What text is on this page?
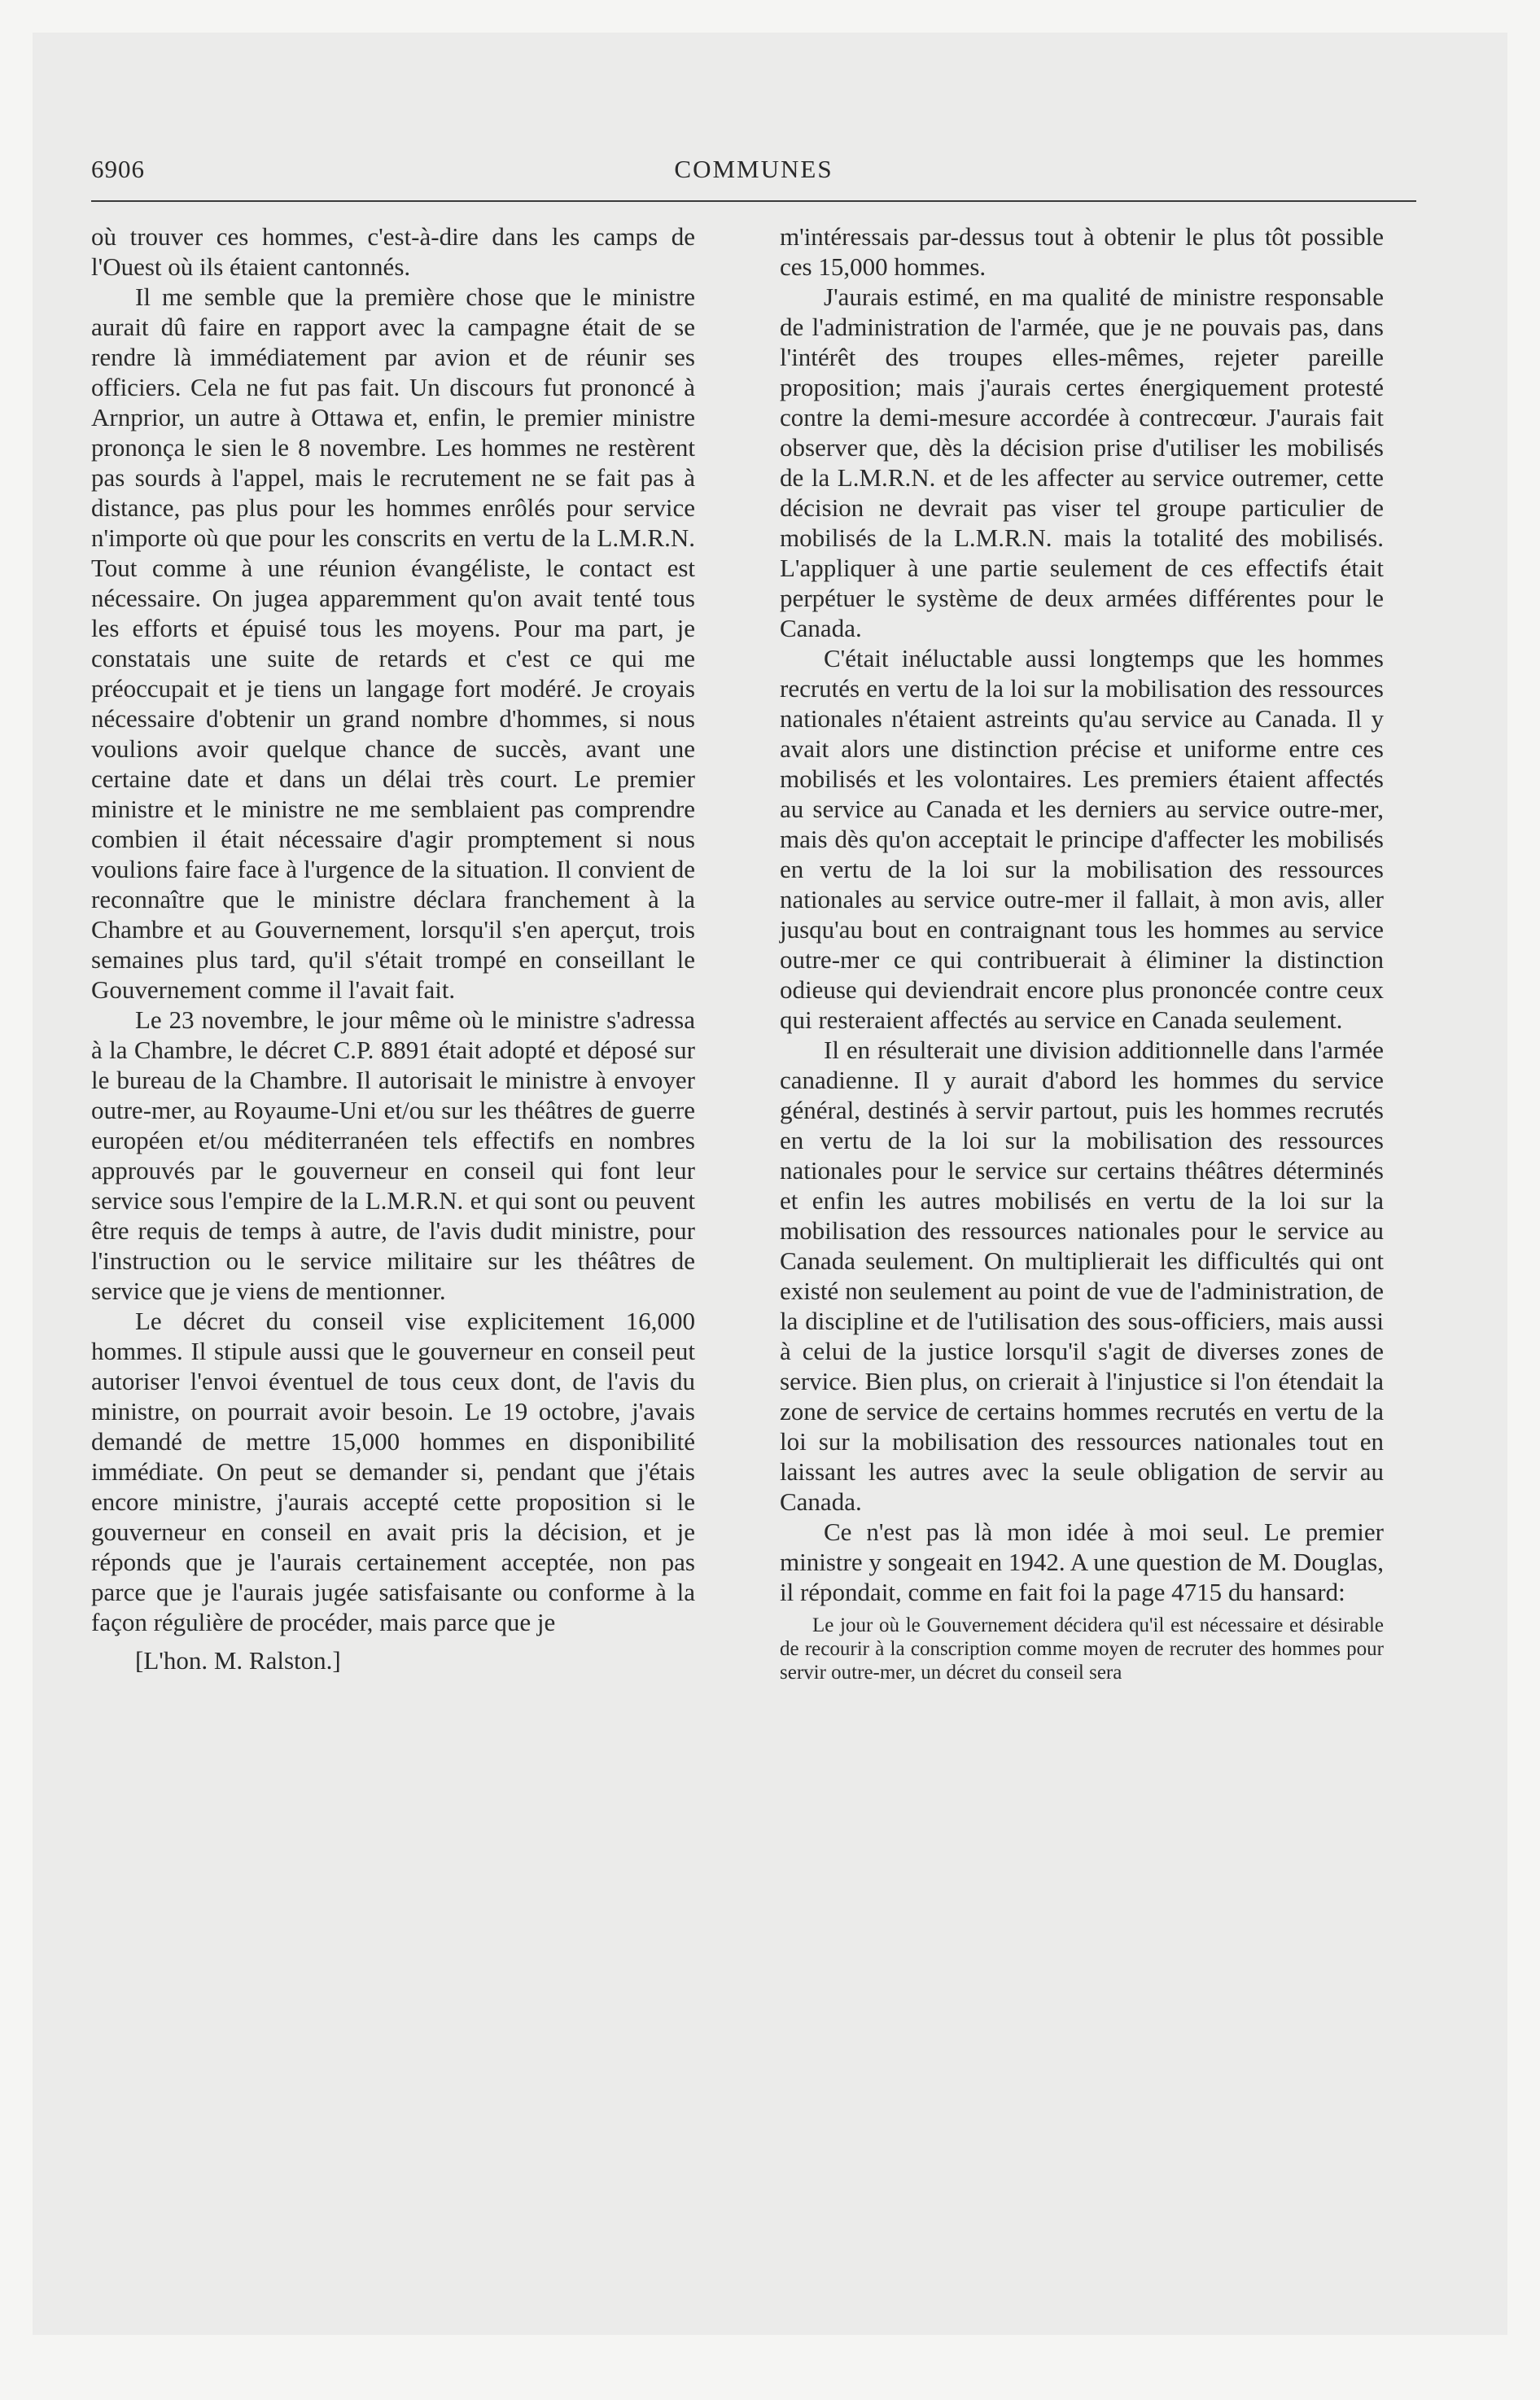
6906	COMMUNES

où trouver ces hommes, c'est-à-dire dans les camps de l'Ouest où ils étaient cantonnés.

Il me semble que la première chose que le ministre aurait dû faire en rapport avec la campagne était de se rendre là immédiatement par avion et de réunir ses officiers. Cela ne fut pas fait. Un discours fut prononcé à Arnprior, un autre à Ottawa et, enfin, le premier ministre prononça le sien le 8 novembre. Les hommes ne restèrent pas sourds à l'appel, mais le recrutement ne se fait pas à distance, pas plus pour les hommes enrôlés pour service n'importe où que pour les conscrits en vertu de la L.M.R.N. Tout comme à une réunion évangéliste, le contact est nécessaire. On jugea apparemment qu'on avait tenté tous les efforts et épuisé tous les moyens. Pour ma part, je constatais une suite de retards et c'est ce qui me préoccupait et je tiens un langage fort modéré. Je croyais nécessaire d'obtenir un grand nombre d'hommes, si nous voulions avoir quelque chance de succès, avant une certaine date et dans un délai très court. Le premier ministre et le ministre ne me semblaient pas comprendre combien il était nécessaire d'agir promptement si nous voulions faire face à l'urgence de la situation. Il convient de reconnaître que le ministre déclara franchement à la Chambre et au Gouvernement, lorsqu'il s'en aperçut, trois semaines plus tard, qu'il s'était trompé en conseillant le Gouvernement comme il l'avait fait.

Le 23 novembre, le jour même où le ministre s'adressa à la Chambre, le décret C.P. 8891 était adopté et déposé sur le bureau de la Chambre. Il autorisait le ministre à envoyer outre-mer, au Royaume-Uni et/ou sur les théâtres de guerre européen et/ou méditerranéen tels effectifs en nombres approuvés par le gouverneur en conseil qui font leur service sous l'empire de la L.M.R.N. et qui sont ou peuvent être requis de temps à autre, de l'avis dudit ministre, pour l'instruction ou le service militaire sur les théâtres de service que je viens de mentionner.

Le décret du conseil vise explicitement 16,000 hommes. Il stipule aussi que le gouverneur en conseil peut autoriser l'envoi éventuel de tous ceux dont, de l'avis du ministre, on pourrait avoir besoin. Le 19 octobre, j'avais demandé de mettre 15,000 hommes en disponibilité immédiate. On peut se demander si, pendant que j'étais encore ministre, j'aurais accepté cette proposition si le gouverneur en conseil en avait pris la décision, et je réponds que je l'aurais certainement acceptée, non pas parce que je l'aurais jugée satisfaisante ou conforme à la façon régulière de procéder, mais parce que je

[L'hon. M. Ralston.]

m'intéressais par-dessus tout à obtenir le plus tôt possible ces 15,000 hommes.

J'aurais estimé, en ma qualité de ministre responsable de l'administration de l'armée, que je ne pouvais pas, dans l'intérêt des troupes elles-mêmes, rejeter pareille proposition; mais j'aurais certes énergiquement protesté contre la demi-mesure accordée à contrecœur. J'aurais fait observer que, dès la décision prise d'utiliser les mobilisés de la L.M.R.N. et de les affecter au service outremer, cette décision ne devrait pas viser tel groupe particulier de mobilisés de la L.M.R.N. mais la totalité des mobilisés. L'appliquer à une partie seulement de ces effectifs était perpétuer le système de deux armées différentes pour le Canada.

C'était inéluctable aussi longtemps que les hommes recrutés en vertu de la loi sur la mobilisation des ressources nationales n'étaient astreints qu'au service au Canada. Il y avait alors une distinction précise et uniforme entre ces mobilisés et les volontaires. Les premiers étaient affectés au service au Canada et les derniers au service outre-mer, mais dès qu'on acceptait le principe d'affecter les mobilisés en vertu de la loi sur la mobilisation des ressources nationales au service outre-mer il fallait, à mon avis, aller jusqu'au bout en contraignant tous les hommes au service outre-mer ce qui contribuerait à éliminer la distinction odieuse qui deviendrait encore plus prononcée contre ceux qui resteraient affectés au service en Canada seulement.

Il en résulterait une division additionnelle dans l'armée canadienne. Il y aurait d'abord les hommes du service général, destinés à servir partout, puis les hommes recrutés en vertu de la loi sur la mobilisation des ressources nationales pour le service sur certains théâtres déterminés et enfin les autres mobilisés en vertu de la loi sur la mobilisation des ressources nationales pour le service au Canada seulement. On multiplierait les difficultés qui ont existé non seulement au point de vue de l'administration, de la discipline et de l'utilisation des sous-officiers, mais aussi à celui de la justice lorsqu'il s'agit de diverses zones de service. Bien plus, on crierait à l'injustice si l'on étendait la zone de service de certains hommes recrutés en vertu de la loi sur la mobilisation des ressources nationales tout en laissant les autres avec la seule obligation de servir au Canada.

Ce n'est pas là mon idée à moi seul. Le premier ministre y songeait en 1942. A une question de M. Douglas, il répondait, comme en fait foi la page 4715 du hansard:

Le jour où le Gouvernement décidera qu'il est nécessaire et désirable de recourir à la conscription comme moyen de recruter des hommes pour servir outre-mer, un décret du conseil sera
